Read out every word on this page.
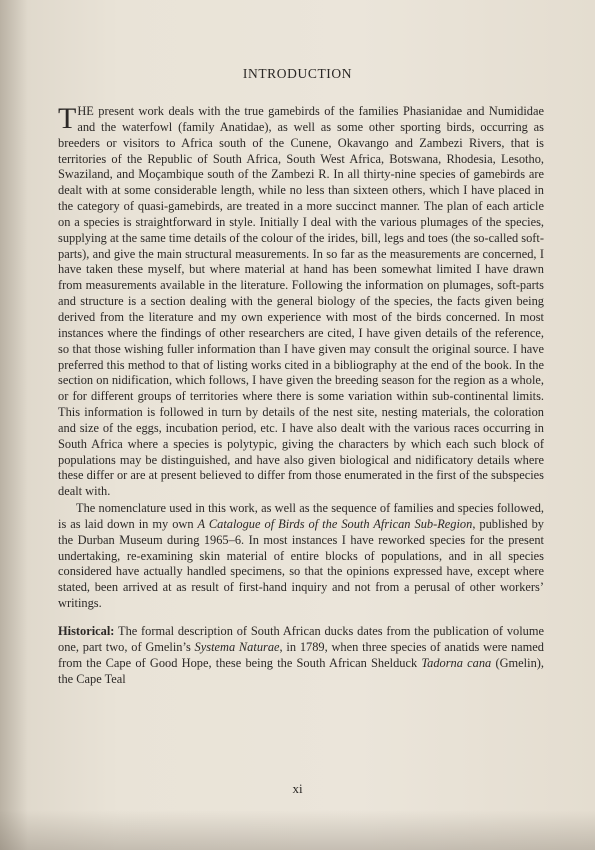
INTRODUCTION

THE present work deals with the true gamebirds of the families Phasianidae and Numididae and the waterfowl (family Anatidae), as well as some other sporting birds, occurring as breeders or visitors to Africa south of the Cunene, Okavango and Zambezi Rivers, that is territories of the Republic of South Africa, South West Africa, Botswana, Rhodesia, Lesotho, Swaziland, and Moçambique south of the Zambezi R. In all thirty-nine species of gamebirds are dealt with at some considerable length, while no less than sixteen others, which I have placed in the category of quasi-gamebirds, are treated in a more succinct manner. The plan of each article on a species is straightforward in style. Initially I deal with the various plumages of the species, supplying at the same time details of the colour of the irides, bill, legs and toes (the so-called soft-parts), and give the main structural measurements. In so far as the measurements are concerned, I have taken these myself, but where material at hand has been somewhat limited I have drawn from measurements available in the literature. Following the information on plumages, soft-parts and structure is a section dealing with the general biology of the species, the facts given being derived from the literature and my own experience with most of the birds concerned. In most instances where the findings of other researchers are cited, I have given details of the reference, so that those wishing fuller information than I have given may consult the original source. I have preferred this method to that of listing works cited in a bibliography at the end of the book. In the section on nidification, which follows, I have given the breeding season for the region as a whole, or for different groups of territories where there is some variation within sub-continental limits. This information is followed in turn by details of the nest site, nesting materials, the coloration and size of the eggs, incubation period, etc. I have also dealt with the various races occurring in South Africa where a species is polytypic, giving the characters by which each such block of populations may be distinguished, and have also given biological and nidificatory details where these differ or are at present believed to differ from those enumerated in the first of the subspecies dealt with.

The nomenclature used in this work, as well as the sequence of families and species followed, is as laid down in my own A Catalogue of Birds of the South African Sub-Region, published by the Durban Museum during 1965–6. In most instances I have reworked species for the present undertaking, re-examining skin material of entire blocks of populations, and in all species considered have actually handled specimens, so that the opinions expressed have, except where stated, been arrived at as result of first-hand inquiry and not from a perusal of other workers’ writings.

Historical: The formal description of South African ducks dates from the publication of volume one, part two, of Gmelin’s Systema Naturae, in 1789, when three species of anatids were named from the Cape of Good Hope, these being the South African Shelduck Tadorna cana (Gmelin), the Cape Teal

xi
